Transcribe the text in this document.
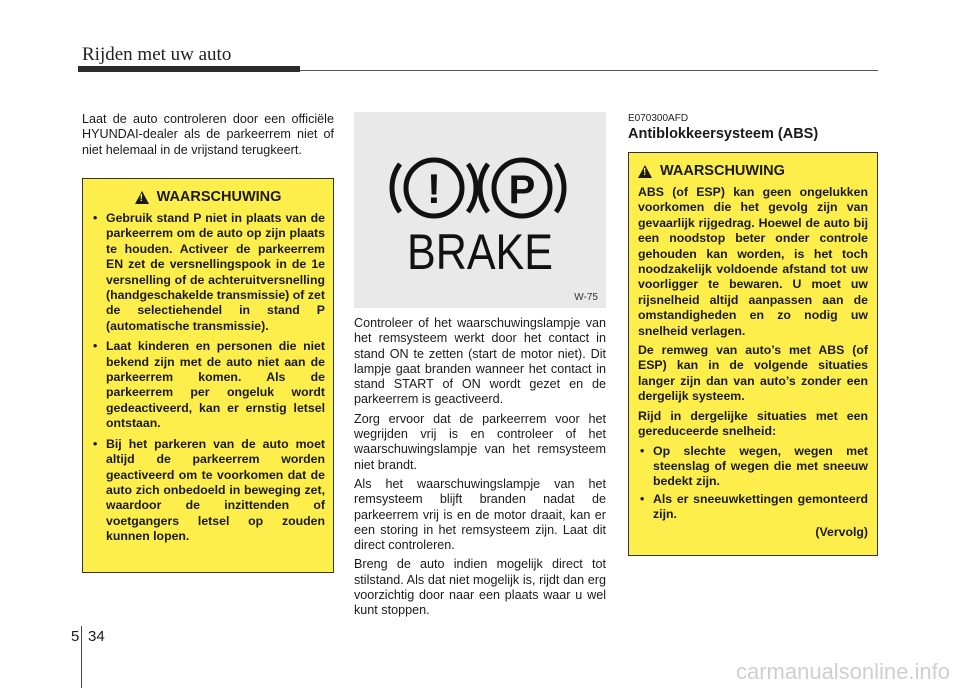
Rijden met uw auto

Laat de auto controleren door een officiële HYUNDAI-dealer als de parkeerrem niet of niet helemaal in de vrijstand terugkeert.

! WAARSCHUWING
• Gebruik stand P niet in plaats van de parkeerrem om de auto op zijn plaats te houden. Activeer de parkeerrem EN zet de versnellingspook in de 1e versnelling of de achteruitversnelling (handgeschakelde transmissie) of zet de selectiehendel in stand P (automatische transmissie).
• Laat kinderen en personen die niet bekend zijn met de auto niet aan de parkeerrem komen. Als de parkeerrem per ongeluk wordt gedeactiveerd, kan er ernstig letsel ontstaan.
• Bij het parkeren van de auto moet altijd de parkeerrem worden geactiveerd om te voorkomen dat de auto zich onbedoeld in beweging zet, waardoor de inzittenden of voetgangers letsel op zouden kunnen lopen.
! P
BRAKE
W-75

Controleer of het waarschuwingslampje van het remsysteem werkt door het contact in stand ON te zetten (start de motor niet). Dit lampje gaat branden wanneer het contact in stand START of ON wordt gezet en de parkeerrem is geactiveerd.

Zorg ervoor dat de parkeerrem voor het wegrijden vrij is en controleer of het waarschuwingslampje van het remsysteem niet brandt.

Als het waarschuwingslampje van het remsysteem blijft branden nadat de parkeerrem vrij is en de motor draait, kan er een storing in het remsysteem zijn. Laat dit direct controleren.

Breng de auto indien mogelijk direct tot stilstand. Als dat niet mogelijk is, rijdt dan erg voorzichtig door naar een plaats waar u wel kunt stoppen.

E070300AFD
Antiblokkeersysteem (ABS)
! WAARSCHUWING

ABS (of ESP) kan geen ongelukken voorkomen die het gevolg zijn van gevaarlijk rijgedrag. Hoewel de auto bij een noodstop beter onder controle gehouden kan worden, is het toch noodzakelijk voldoende afstand tot uw voorligger te bewaren. U moet uw rijsnelheid altijd aanpassen aan de omstandigheden en zo nodig uw snelheid verlagen.

De remweg van auto’s met ABS (of ESP) kan in de volgende situaties langer zijn dan van auto’s zonder een dergelijk systeem.

Rijd in dergelijke situaties met een gereduceerde snelheid:

• Op slechte wegen, wegen met steenslag of wegen die met sneeuw bedekt zijn.
• Als er sneeuwkettingen gemonteerd zijn.
(Vervolg)
5 34
carmanualsonline.info
